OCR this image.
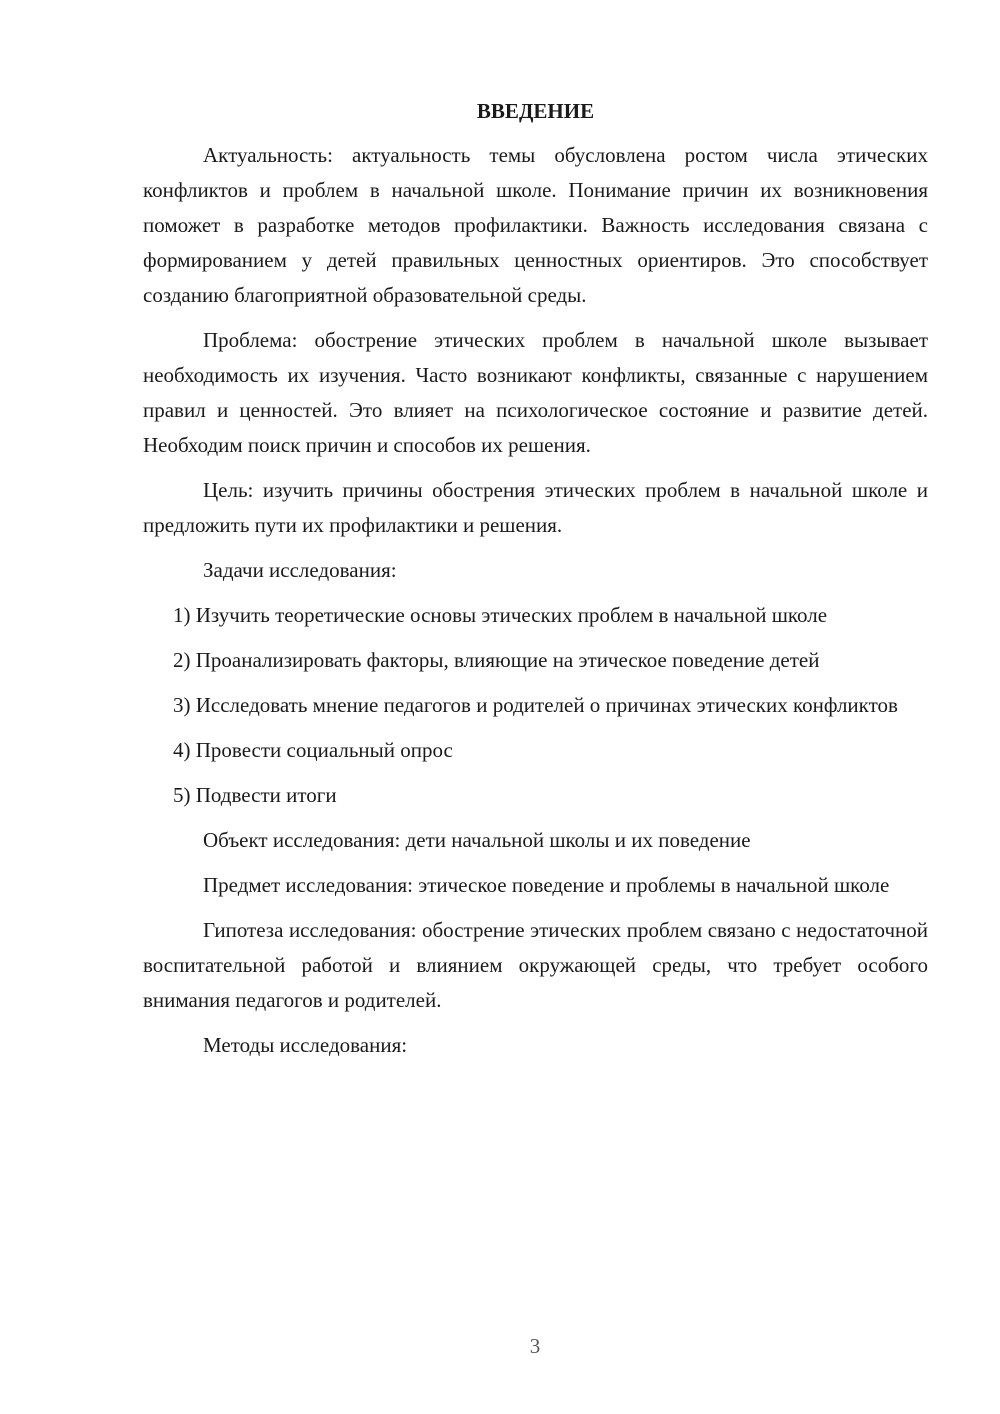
ВВЕДЕНИЕ

Актуальность: актуальность темы обусловлена ростом числа этических конфликтов и проблем в начальной школе. Понимание причин их возникновения поможет в разработке методов профилактики. Важность исследования связана с формированием у детей правильных ценностных ориентиров. Это способствует созданию благоприятной образовательной среды.

Проблема: обострение этических проблем в начальной школе вызывает необходимость их изучения. Часто возникают конфликты, связанные с нарушением правил и ценностей. Это влияет на психологическое состояние и развитие детей. Необходим поиск причин и способов их решения.

Цель: изучить причины обострения этических проблем в начальной школе и предложить пути их профилактики и решения.

Задачи исследования:

1) Изучить теоретические основы этических проблем в начальной школе

2) Проанализировать факторы, влияющие на этическое поведение детей

3) Исследовать мнение педагогов и родителей о причинах этических конфликтов

4) Провести социальный опрос

5) Подвести итоги

Объект исследования: дети начальной школы и их поведение

Предмет исследования: этическое поведение и проблемы в начальной школе

Гипотеза исследования: обострение этических проблем связано с недостаточной воспитательной работой и влиянием окружающей среды, что требует особого внимания педагогов и родителей.

Методы исследования:

3
